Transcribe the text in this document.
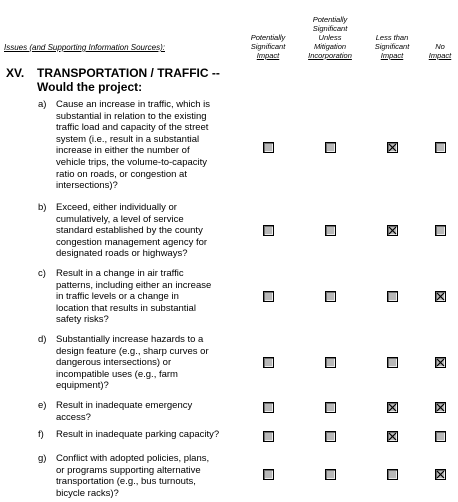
Issues (and Supporting Information Sources):
Potentially
Significant
Impact
Potentially
Significant
Unless
Mitigation
Incorporation
Less than
Significant
Impact
No
Impact
XV. TRANSPORTATION / TRAFFIC -- Would the project:
a) Cause an increase in traffic, which is
substantial in relation to the existing
traffic load and capacity of the street
system (i.e., result in a substantial
increase in either the number of
vehicle trips, the volume-to-capacity
ratio on roads, or congestion at
intersections)?
b) Exceed, either individually or
cumulatively, a level of service
standard established by the county
congestion management agency for
designated roads or highways?
c) Result in a change in air traffic
patterns, including either an increase
in traffic levels or a change in
location that results in substantial
safety risks?
d) Substantially increase hazards to a
design feature (e.g., sharp curves or
dangerous intersections) or
incompatible uses (e.g., farm
equipment)?
e) Result in inadequate emergency
access?
f) Result in inadequate parking capacity?
g) Conflict with adopted policies, plans,
or programs supporting alternative
transportation (e.g., bus turnouts,
bicycle racks)?
